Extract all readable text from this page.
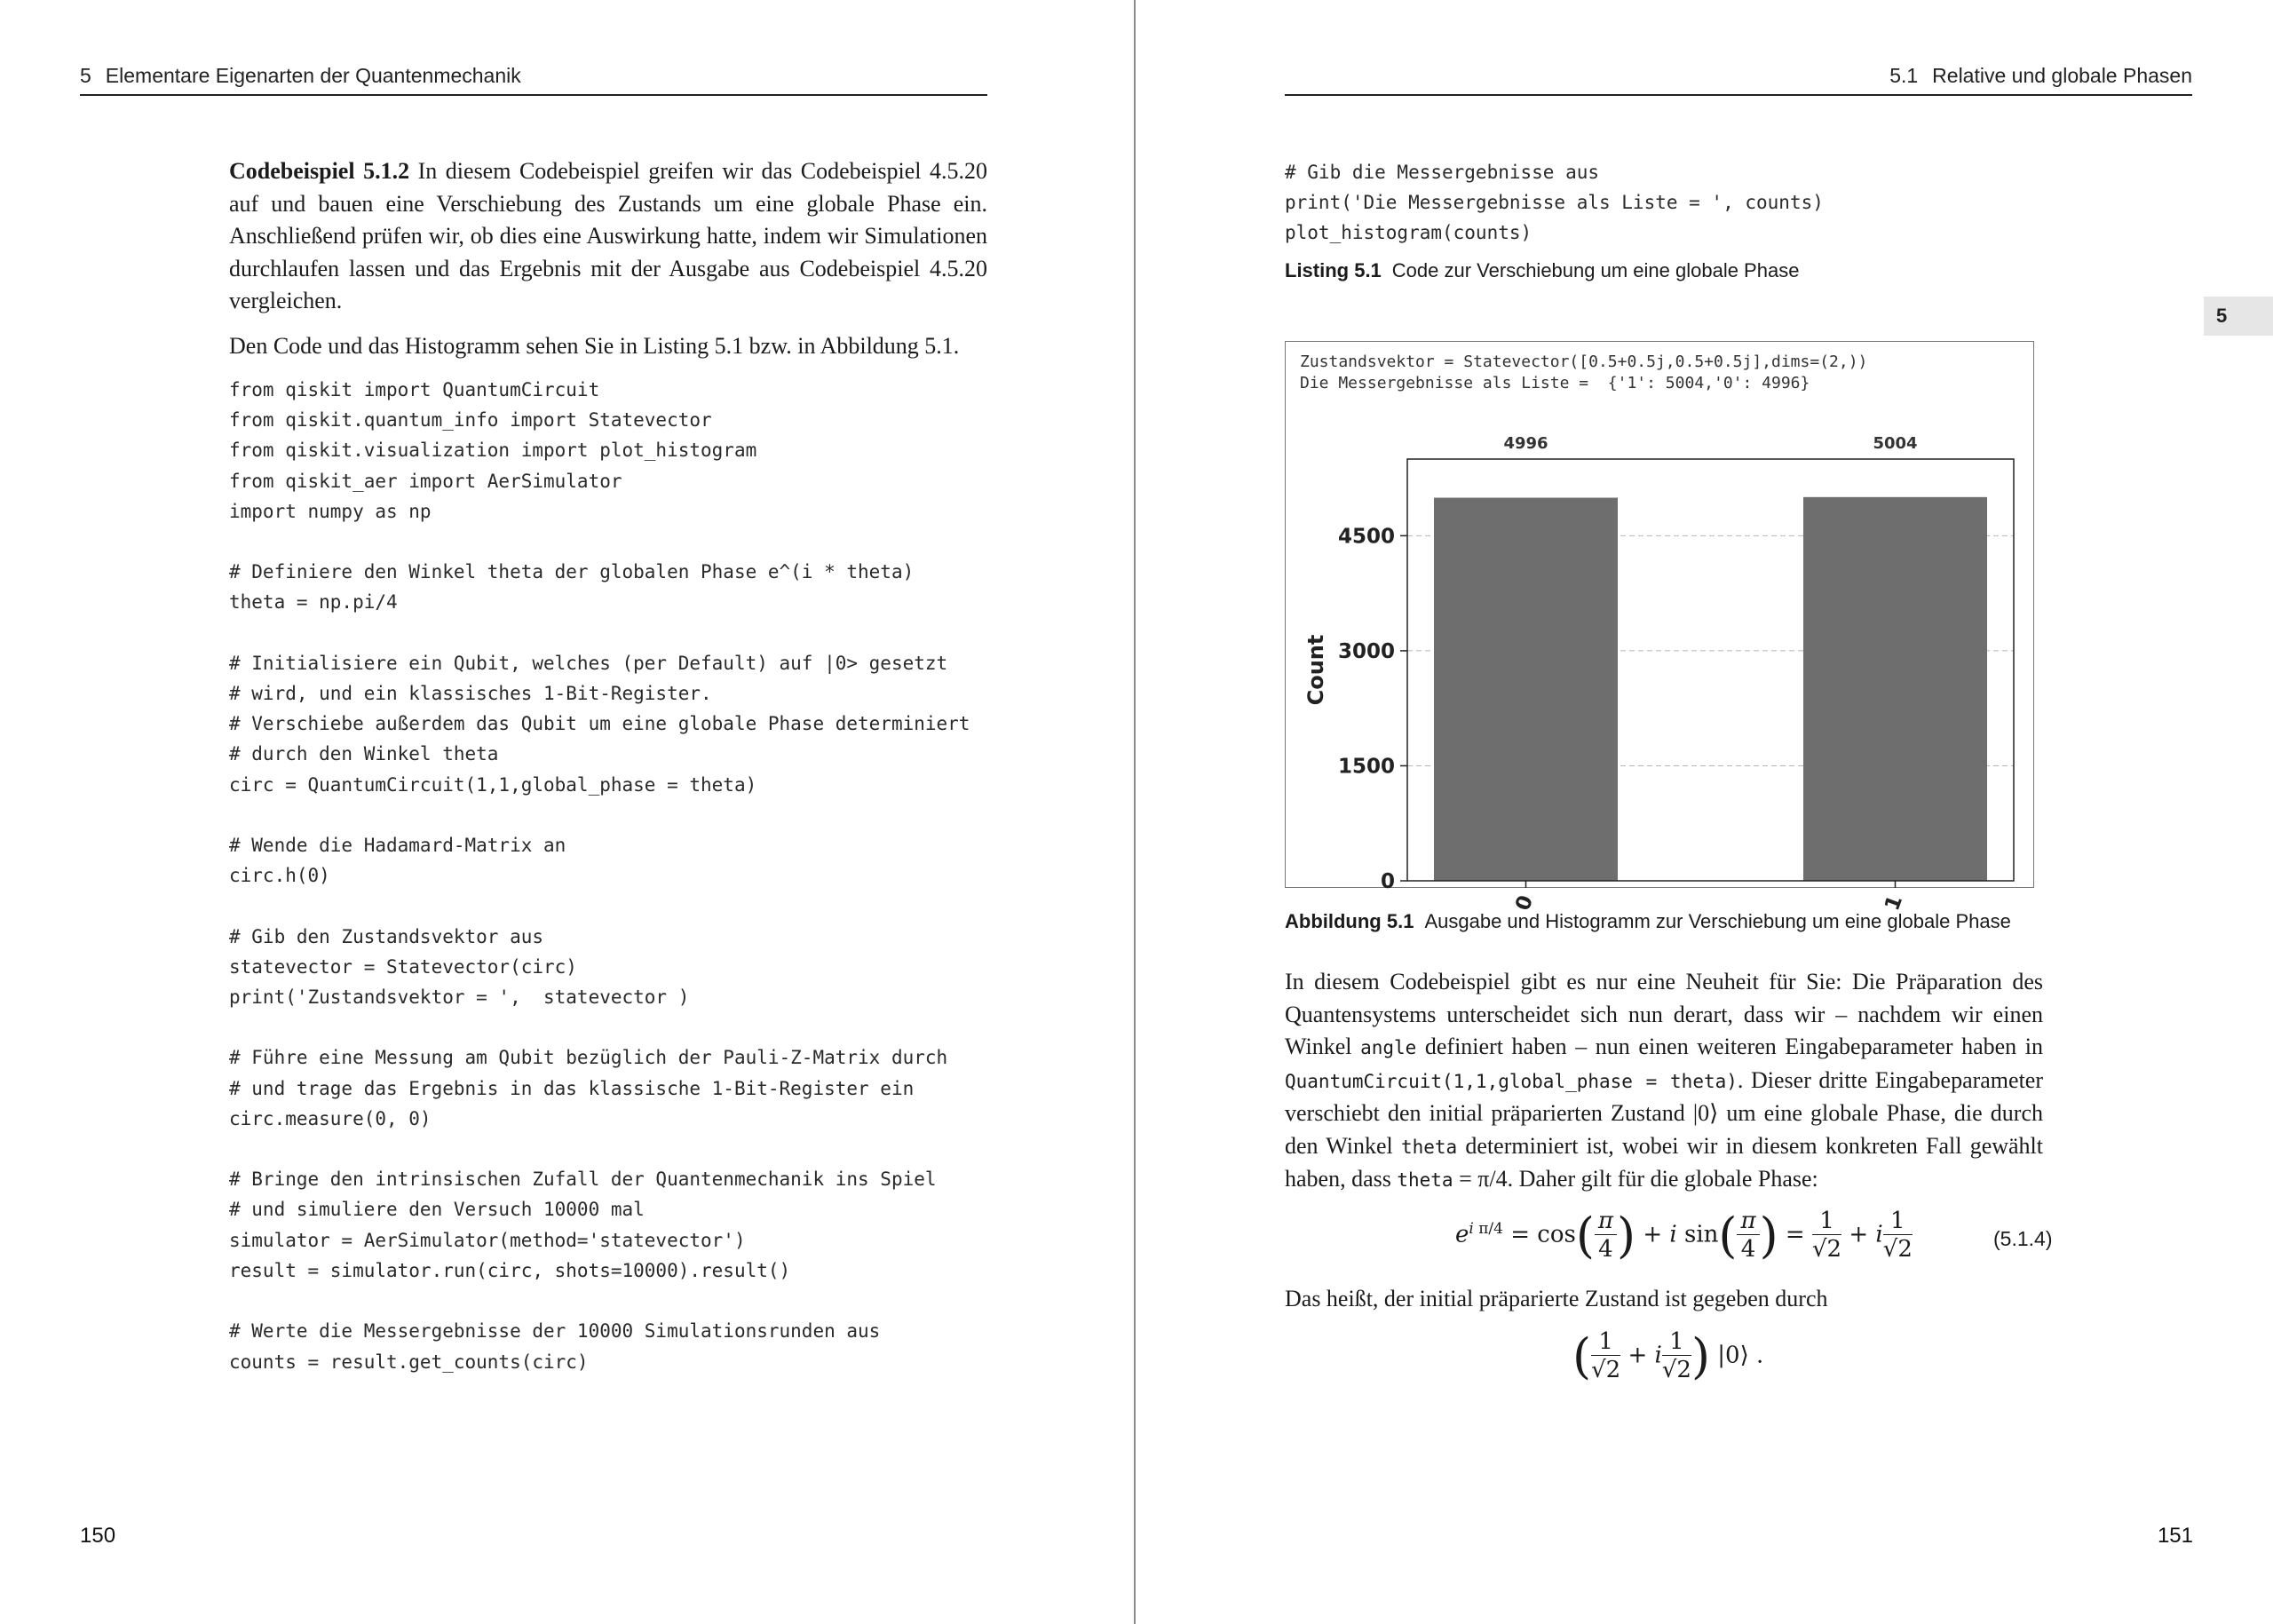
5 Elementare Eigenarten der Quantenmechanik

Codebeispiel 5.1.2 In diesem Codebeispiel greifen wir das Codebeispiel 4.5.20 auf und bauen eine Verschiebung des Zustands um eine globale Phase ein. Anschließend prüfen wir, ob dies eine Auswirkung hatte, indem wir Simulationen durchlaufen lassen und das Ergebnis mit der Ausgabe aus Codebeispiel 4.5.20 vergleichen.

Den Code und das Histogramm sehen Sie in Listing 5.1 bzw. in Abbildung 5.1.

from qiskit import QuantumCircuit
from qiskit.quantum_info import Statevector
from qiskit.visualization import plot_histogram
from qiskit_aer import AerSimulator
import numpy as np

# Definiere den Winkel theta der globalen Phase e^(i * theta)
theta = np.pi/4

# Initialisiere ein Qubit, welches (per Default) auf |0> gesetzt
# wird, und ein klassisches 1-Bit-Register.
# Verschiebe außerdem das Qubit um eine globale Phase determiniert
# durch den Winkel theta
circ = QuantumCircuit(1,1,global_phase = theta)

# Wende die Hadamard-Matrix an
circ.h(0)

# Gib den Zustandsvektor aus
statevector = Statevector(circ)
print('Zustandsvektor = ',  statevector )

# Führe eine Messung am Qubit bezüglich der Pauli-Z-Matrix durch
# und trage das Ergebnis in das klassische 1-Bit-Register ein
circ.measure(0, 0)

# Bringe den intrinsischen Zufall der Quantenmechanik ins Spiel
# und simuliere den Versuch 10000 mal
simulator = AerSimulator(method='statevector')
result = simulator.run(circ, shots=10000).result()

# Werte die Messergebnisse der 10000 Simulationsrunden aus
counts = result.get_counts(circ)
150
5.1 Relative und globale Phasen
5
# Gib die Messergebnisse aus
print('Die Messergebnisse als Liste = ', counts)
plot_histogram(counts)
Listing 5.1 Code zur Verschiebung um eine globale Phase
Zustandsvektor = Statevector([0.5+0.5j,0.5+0.5j],dims=(2,))
Die Messergebnisse als Liste =  {'1': 5004,'0': 4996}
0
1500
3000
4500
4996
0
5004
1
Count
Abbildung 5.1 Ausgabe und Histogramm zur Verschiebung um eine globale Phase

In diesem Codebeispiel gibt es nur eine Neuheit für Sie: Die Präparation des Quantensystems unterscheidet sich nun derart, dass wir – nachdem wir einen Winkel angle definiert haben – nun einen weiteren Eingabeparameter haben in QuantumCircuit(1,1,global_phase = theta). Dieser dritte Eingabeparameter verschiebt den initial präparierten Zustand |0⟩ um eine globale Phase, die durch den Winkel theta determiniert ist, wobei wir in diesem konkreten Fall gewählt haben, dass theta = π/4. Daher gilt für die globale Phase:

$e^{i \pi/4} = \cos( \frac{\pi}{4}$ ) + i $\sin( \frac{\pi}{4}$ ) = $\frac{1}{√2} + i \frac{1}{√2}$	(5.1.4)

Das heißt, der initial präparierte Zustand ist gegeben durch

( $\frac{1}{√2} + i \frac{1}{√2}$ ) |0⟩ .
151
